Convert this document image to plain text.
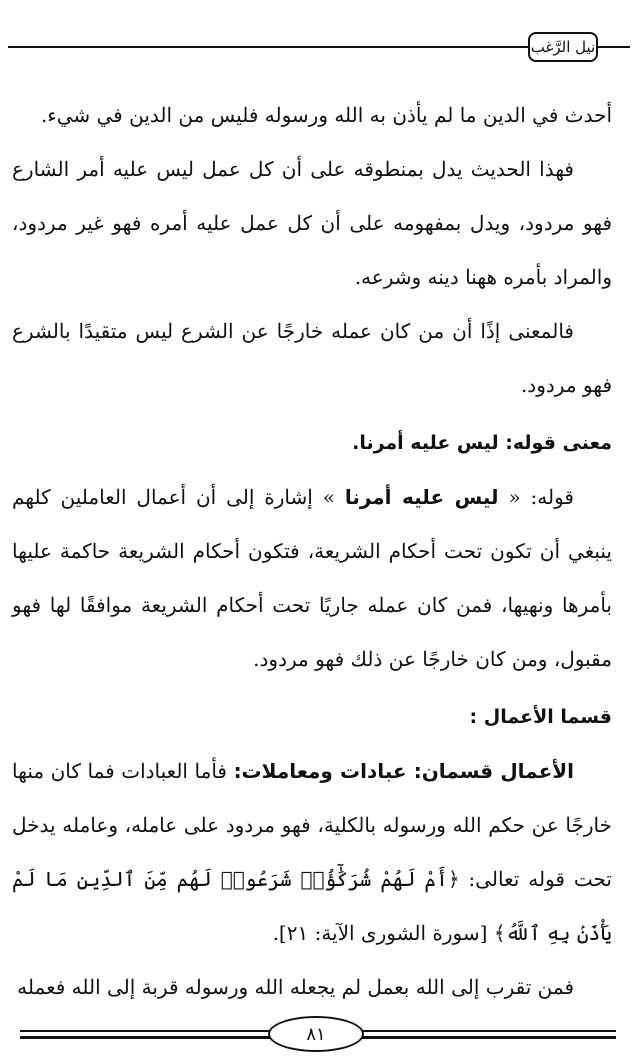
نيل الرَّغب

أحدث في الدين ما لم يأذن به الله ورسوله فليس من الدين في شيء.

فهذا الحديث يدل بمنطوقه على أن كل عمل ليس عليه أمر الشارع فهو مردود، ويدل بمفهومه على أن كل عمل عليه أمره فهو غير مردود، والمراد بأمره ههنا دينه وشرعه.

فالمعنى إذًا أن من كان عمله خارجًا عن الشرع ليس متقيدًا بالشرع فهو مردود.

معنى قوله: ليس عليه أمرنا.

قوله: « ليس عليه أمرنا » إشارة إلى أن أعمال العاملين كلهم ينبغي أن تكون تحت أحكام الشريعة، فتكون أحكام الشريعة حاكمة عليها بأمرها ونهيها، فمن كان عمله جاريًا تحت أحكام الشريعة موافقًا لها فهو مقبول، ومن كان خارجًا عن ذلك فهو مردود.

قسما الأعمال :

الأعمال قسمان: عبادات ومعاملات: فأما العبادات فما كان منها خارجًا عن حكم الله ورسوله بالكلية، فهو مردود على عامله، وعامله يدخل تحت قوله تعالى: ﴿أَمْ لَهُمْ شُرَكَٰٓؤُا۟ شَرَعُوا۟ لَهُم مِّنَ ٱلدِّينِ مَا لَمْ يَأْذَنۢ بِهِ ٱللَّهُ﴾ [سورة الشورى الآية: ٢١].

فمن تقرب إلى الله بعمل لم يجعله الله ورسوله قربة إلى الله فعمله

٨١
